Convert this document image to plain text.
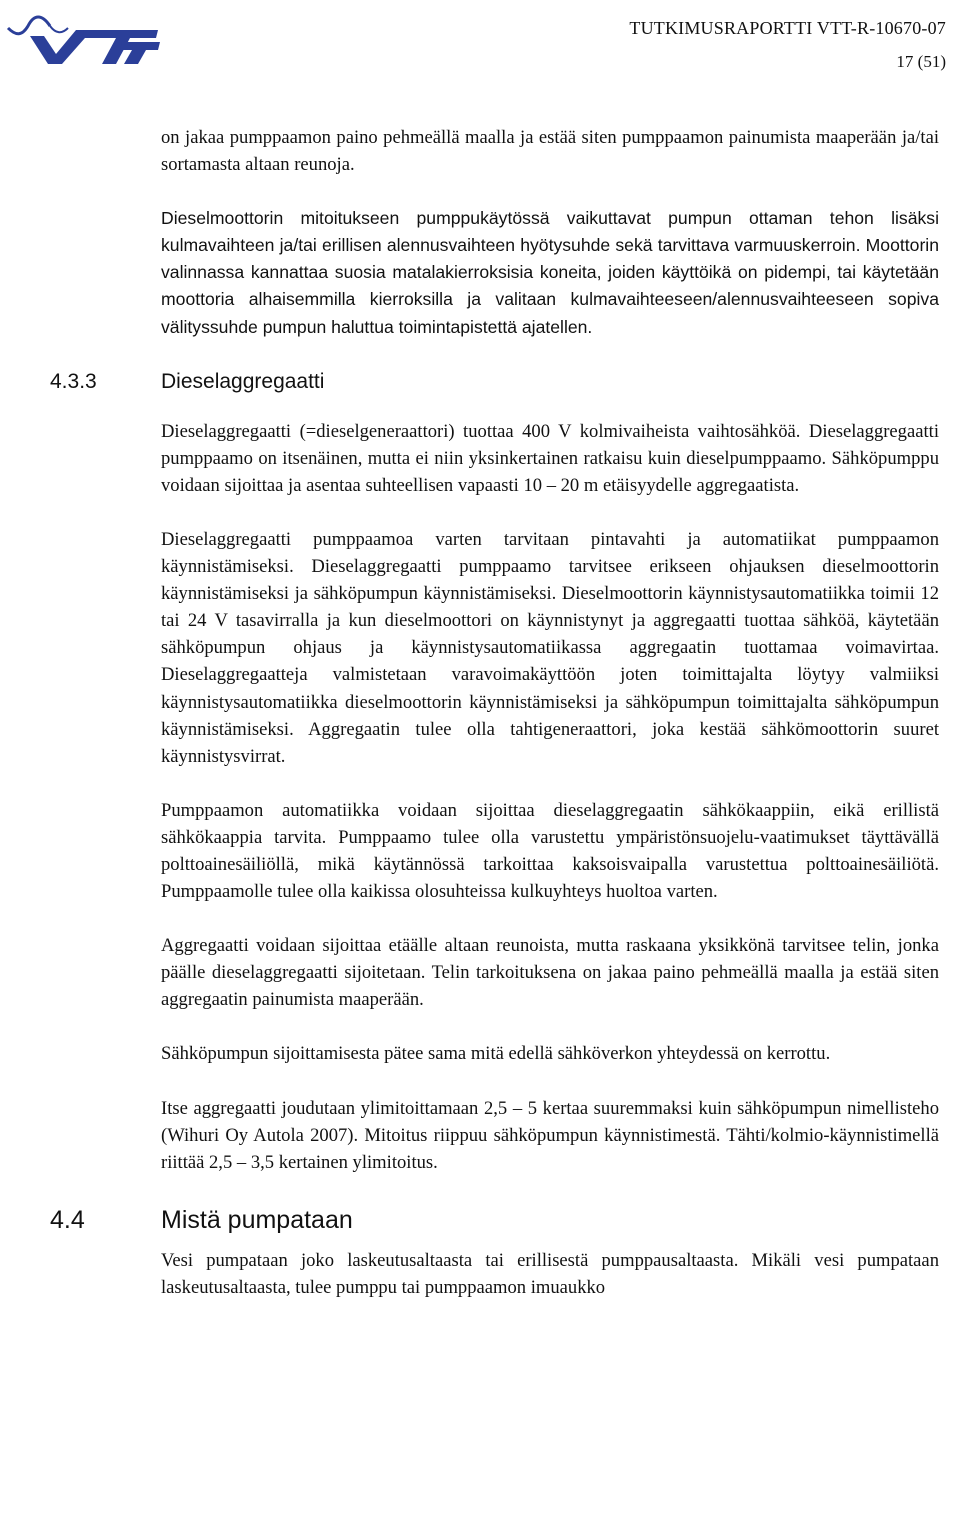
TUTKIMUSRAPORTTI VTT-R-10670-07
17 (51)

on jakaa pumppaamon paino pehmeällä maalla ja estää siten pumppaamon painumista maaperään ja/tai sortamasta altaan reunoja.

Dieselmoottorin mitoitukseen pumppukäytössä vaikuttavat pumpun ottaman tehon lisäksi kulmavaihteen ja/tai erillisen alennusvaihteen hyötysuhde sekä tarvittava varmuuskerroin. Moottorin valinnassa kannattaa suosia matalakierroksisia koneita, joiden käyttöikä on pidempi, tai käytetään moottoria alhaisemmilla kierroksilla ja valitaan kulmavaihteeseen/alennusvaihteeseen sopiva välityssuhde pumpun haluttua toimintapistettä ajatellen.

4.3.3	Dieselaggregaatti

Dieselaggregaatti (=dieselgeneraattori) tuottaa 400 V kolmivaiheista vaihtosähköä. Dieselaggregaatti pumppaamo on itsenäinen, mutta ei niin yksinkertainen ratkaisu kuin dieselpumppaamo. Sähköpumppu voidaan sijoittaa ja asentaa suhteellisen vapaasti 10 – 20 m etäisyydelle aggregaatista.

Dieselaggregaatti pumppaamoa varten tarvitaan pintavahti ja automatiikat pumppaamon käynnistämiseksi. Dieselaggregaatti pumppaamo tarvitsee erikseen ohjauksen dieselmoottorin käynnistämiseksi ja sähköpumpun käynnistämiseksi. Dieselmoottorin käynnistysautomatiikka toimii 12 tai 24 V tasavirralla ja kun dieselmoottori on käynnistynyt ja aggregaatti tuottaa sähköä, käytetään sähköpumpun ohjaus ja käynnistysautomatiikassa aggregaatin tuottamaa voimavirtaa. Dieselaggregaatteja valmistetaan varavoimakäyttöön joten toimittajalta löytyy valmiiksi käynnistysautomatiikka dieselmoottorin käynnistämiseksi ja sähköpumpun toimittajalta sähköpumpun käynnistämiseksi. Aggregaatin tulee olla tahtigeneraattori, joka kestää sähkömoottorin suuret käynnistysvirrat.

Pumppaamon automatiikka voidaan sijoittaa dieselaggregaatin sähkökaappiin, eikä erillistä sähkökaappia tarvita. Pumppaamo tulee olla varustettu ympäristönsuojelu-vaatimukset täyttävällä polttoainesäiliöllä, mikä käytännössä tarkoittaa kaksoisvaipalla varustettua polttoainesäiliötä. Pumppaamolle tulee olla kaikissa olosuhteissa kulkuyhteys huoltoa varten.

Aggregaatti voidaan sijoittaa etäälle altaan reunoista, mutta raskaana yksikkönä tarvitsee telin, jonka päälle dieselaggregaatti sijoitetaan. Telin tarkoituksena on jakaa paino pehmeällä maalla ja estää siten aggregaatin painumista maaperään.

Sähköpumpun sijoittamisesta pätee sama mitä edellä sähköverkon yhteydessä on kerrottu.

Itse aggregaatti joudutaan ylimitoittamaan 2,5 – 5 kertaa suuremmaksi kuin sähköpumpun nimellisteho (Wihuri Oy Autola 2007). Mitoitus riippuu sähköpumpun käynnistimestä. Tähti/kolmio-käynnistimellä riittää 2,5 – 3,5 kertainen ylimitoitus.

4.4	Mistä pumpataan

Vesi pumpataan joko laskeutusaltaasta tai erillisestä pumppausaltaasta. Mikäli vesi pumpataan laskeutusaltaasta, tulee pumppu tai pumppaamon imuaukko
